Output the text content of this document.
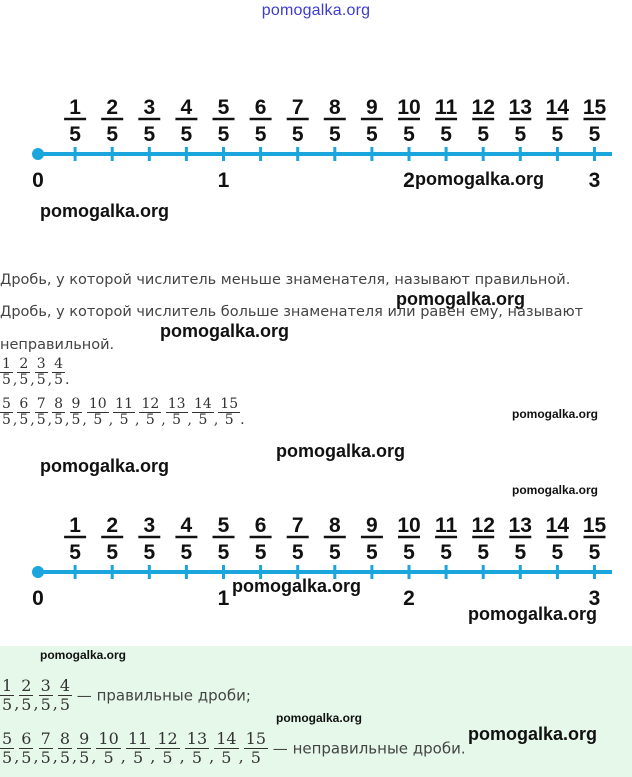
pomogalka.org
1
5
2
5
3
5
4
5
5
5
6
5
7
5
8
5
9
5
10
5
11
5
12
5
13
5
14
5
15
5
0	1	2	3
pomogalka.org
pomogalka.org
Дробь, у которой числитель меньше знаменателя, называют правильной.
pomogalka.org
Дробь, у которой числитель больше знаменателя или равен ему, называют
pomogalka.org
неправильной.
$\frac{1}{5}$ , $\frac{2}{5}$ , $\frac{3}{5}$ , $\frac{4}{5}$ .
$\frac{5}{5}$ , $\frac{6}{5}$ , $\frac{7}{5}$ , $\frac{8}{5}$ , $\frac{9}{5}$ , $\frac{10}{5}$ , $\frac{11}{5}$ , $\frac{12}{5}$ , $\frac{13}{5}$ , $\frac{14}{5}$ , $\frac{15}{5}$ .	pomogalka.org
pomogalka.org
pomogalka.org
pomogalka.org
1
5
2
5
3
5
4
5
5
5
6
5
7
5
8
5
9
5
10
5
11
5
12
5
13
5
14
5
15
5
0	1	2	3
pomogalka.org
pomogalka.org
pomogalka.org
$\frac{1}{5}$ , $\frac{2}{5}$ , $\frac{3}{5}$ , $\frac{4}{5}$ — правильные дроби;
pomogalka.org
pomogalka.org
$\frac{5}{5}$ , $\frac{6}{5}$ , $\frac{7}{5}$ , $\frac{8}{5}$ , $\frac{9}{5}$ , $\frac{10}{5}$ , $\frac{11}{5}$ , $\frac{12}{5}$ , $\frac{13}{5}$ , $\frac{14}{5}$ , $\frac{15}{5}$ — неправильные дроби.
